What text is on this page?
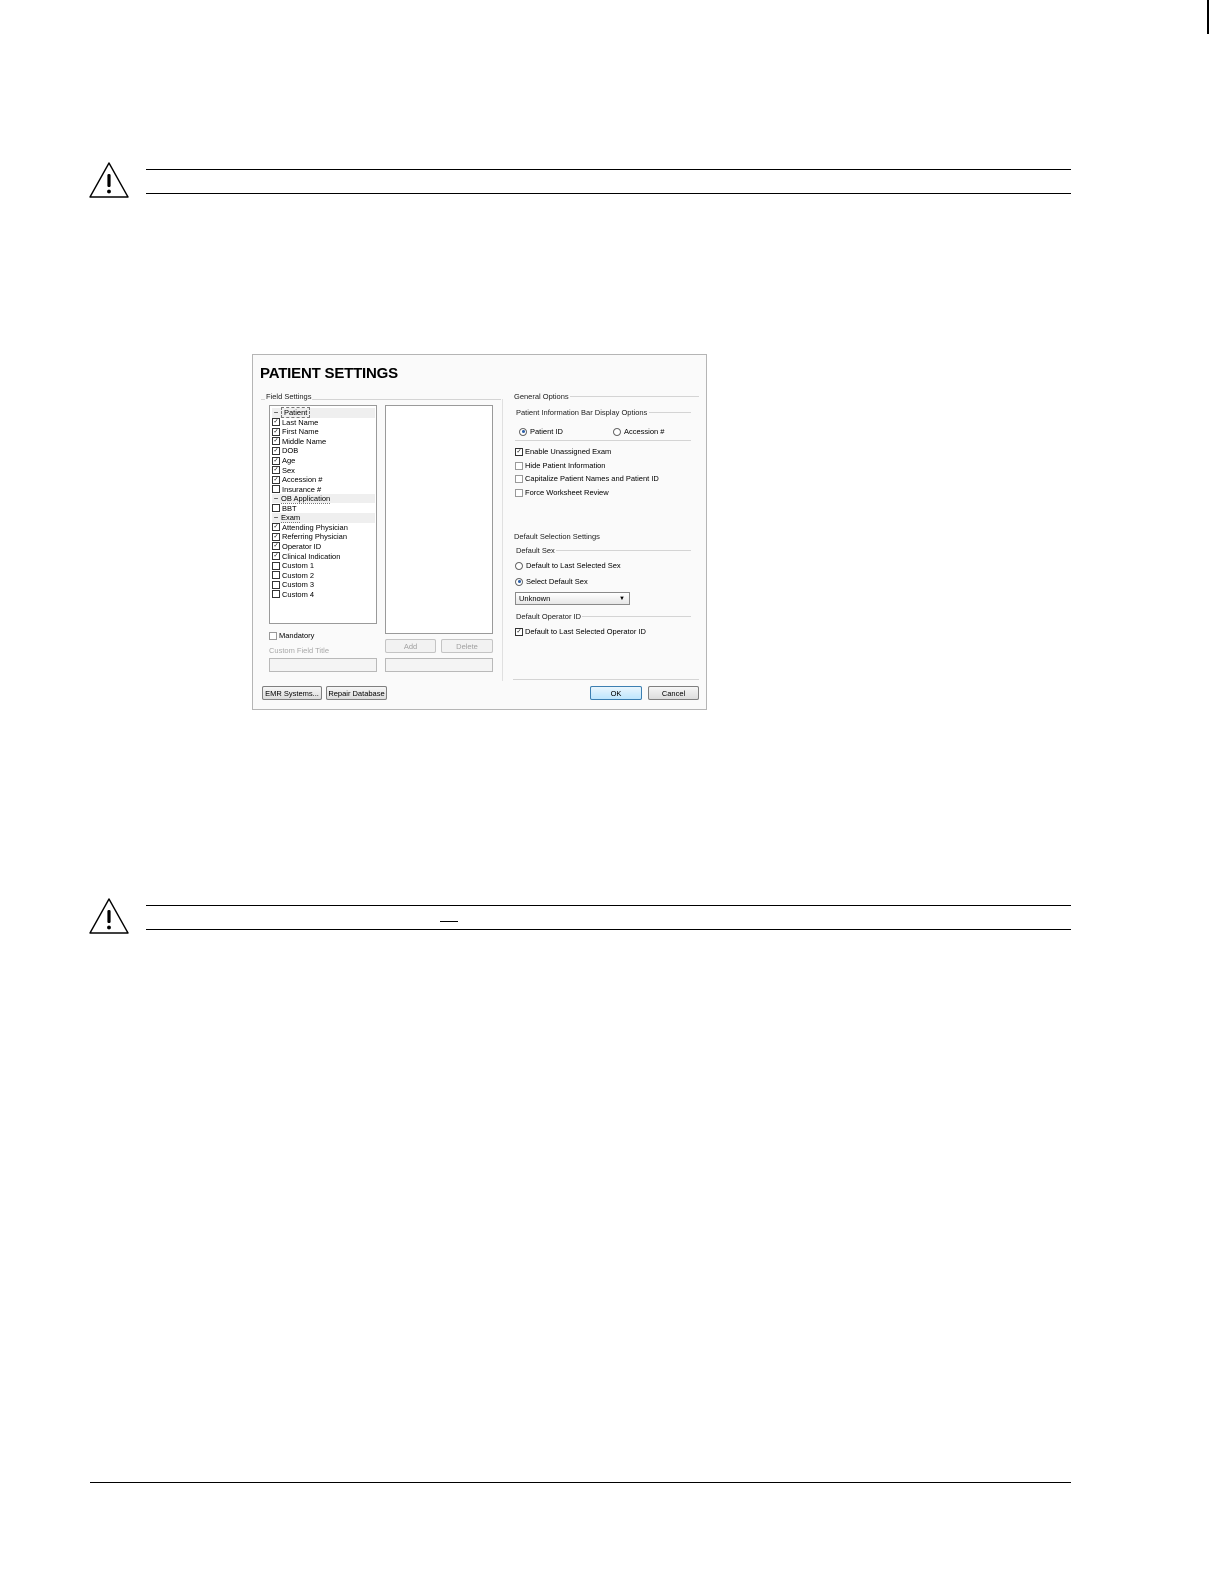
PATIENT SETTINGS
Field Settings
− Patient
✓ Last Name
✓ First Name
✓ Middle Name
✓ DOB
✓ Age
✓ Sex
✓ Accession #
Insurance #
− OB Application
BBT
− Exam
✓ Attending Physician
✓ Referring Physician
✓ Operator ID
✓ Clinical Indication
Custom 1
Custom 2
Custom 3
Custom 4
Mandatory
Custom Field Title	Add	Delete
General Options
Patient Information Bar Display Options
Patient ID	Accession #
✓ Enable Unassigned Exam
Hide Patient Information
Capitalize Patient Names and Patient ID
Force Worksheet Review
Default Selection Settings
Default Sex
Default to Last Selected Sex
Select Default Sex
Unknown	▼
Default Operator ID
✓ Default to Last Selected Operator ID
EMR Systems...	Repair Database	OK	Cancel
